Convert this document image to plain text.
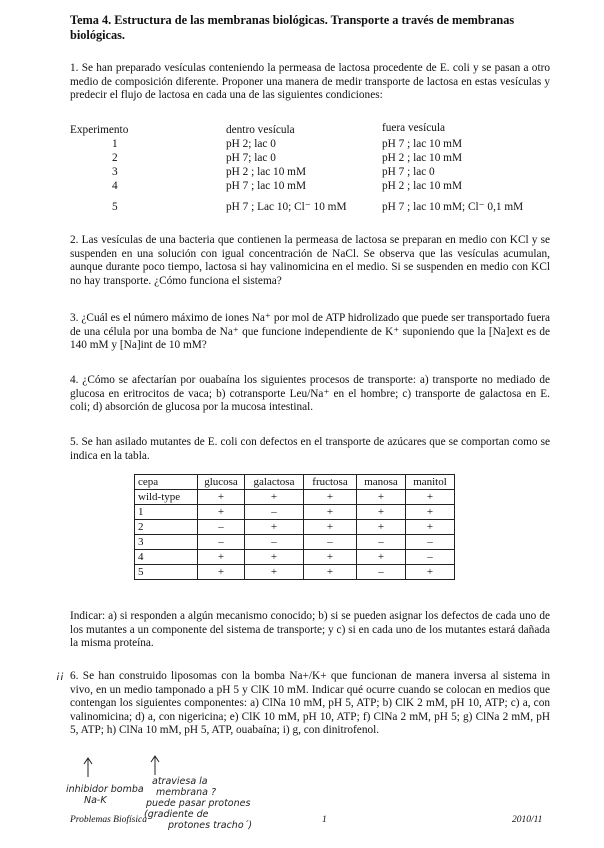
Tema 4. Estructura de las membranas biológicas. Transporte a través de membranas biológicas.
1. Se han preparado vesículas conteniendo la permeasa de lactosa procedente de E. coli y se pasan a otro medio de composición diferente. Proponer una manera de medir transporte de lactosa en estas vesículas y predecir el flujo de lactosa en cada una de las siguientes condiciones:
Experimento	dentro vesícula	fuera vesícula
1	pH 2; lac 0	pH 7 ; lac 10 mM
2	pH 7; lac 0	pH 2 ; lac 10 mM
3	pH 2 ; lac 10 mM	pH 7 ; lac 0
4	pH 7 ; lac 10 mM	pH 2 ; lac 10 mM
5	pH 7 ; Lac 10; Cl⁻ 10 mM	pH 7 ; lac 10 mM; Cl⁻ 0,1 mM
2. Las vesículas de una bacteria que contienen la permeasa de lactosa se preparan en medio con KCl y se suspenden en una solución con igual concentración de NaCl. Se observa que las vesículas acumulan, aunque durante poco tiempo, lactosa si hay valinomicina en el medio. Si se suspenden en medio con KCl no hay transporte. ¿Cómo funciona el sistema?
3. ¿Cuál es el número máximo de iones Na⁺ por mol de ATP hidrolizado que puede ser transportado fuera de una célula por una bomba de Na⁺ que funcione independiente de K⁺ suponiendo que la [Na]ext es de 140 mM y [Na]int de 10 mM?
4. ¿Cómo se afectarían por ouabaína los siguientes procesos de transporte: a) transporte no mediado de glucosa en eritrocitos de vaca; b) cotransporte Leu/Na⁺ en el hombre; c) transporte de galactosa en E. coli; d) absorción de glucosa por la mucosa intestinal.
5. Se han asilado mutantes de E. coli con defectos en el transporte de azúcares que se comportan como se indica en la tabla.
cepa	glucosa	galactosa	fructosa	manosa	manitol
wild-type	+	+	+	+	+
1	+	–	+	+	+
2	–	+	+	+	+
3	–	–	–	–	–
4	+	+	+	+	–
5	+	+	+	–	+
Indicar: a) si responden a algún mecanismo conocido; b) si se pueden asignar los defectos de cada uno de los mutantes a un componente del sistema de transporte; y c) si en cada uno de los mutantes estará dañada la misma proteína.
¡¡ 6. Se han construido liposomas con la bomba Na+/K+ que funcionan de manera inversa al sistema in vivo, en un medio tamponado a pH 5 y ClK 10 mM. Indicar qué ocurre cuando se colocan en medios que contengan los siguientes componentes: a) ClNa 10 mM, pH 5, ATP; b) ClK 2 mM, pH 10, ATP; c) a, con valinomicina; d) a, con nigericina; e) ClK 10 mM, pH 10, ATP; f) ClNa 2 mM, pH 5; g) ClNa 2 mM, pH 5, ATP; h) ClNa 10 mM, pH 5, ATP, ouabaína; i) g, con dinitrofenol.
inhibidor bomba
Na-K
atraviesa la
membrana ?
puede pasar protones
(gradiente de
protones tracho´)
Problemas Biofísica	1	2010/11
